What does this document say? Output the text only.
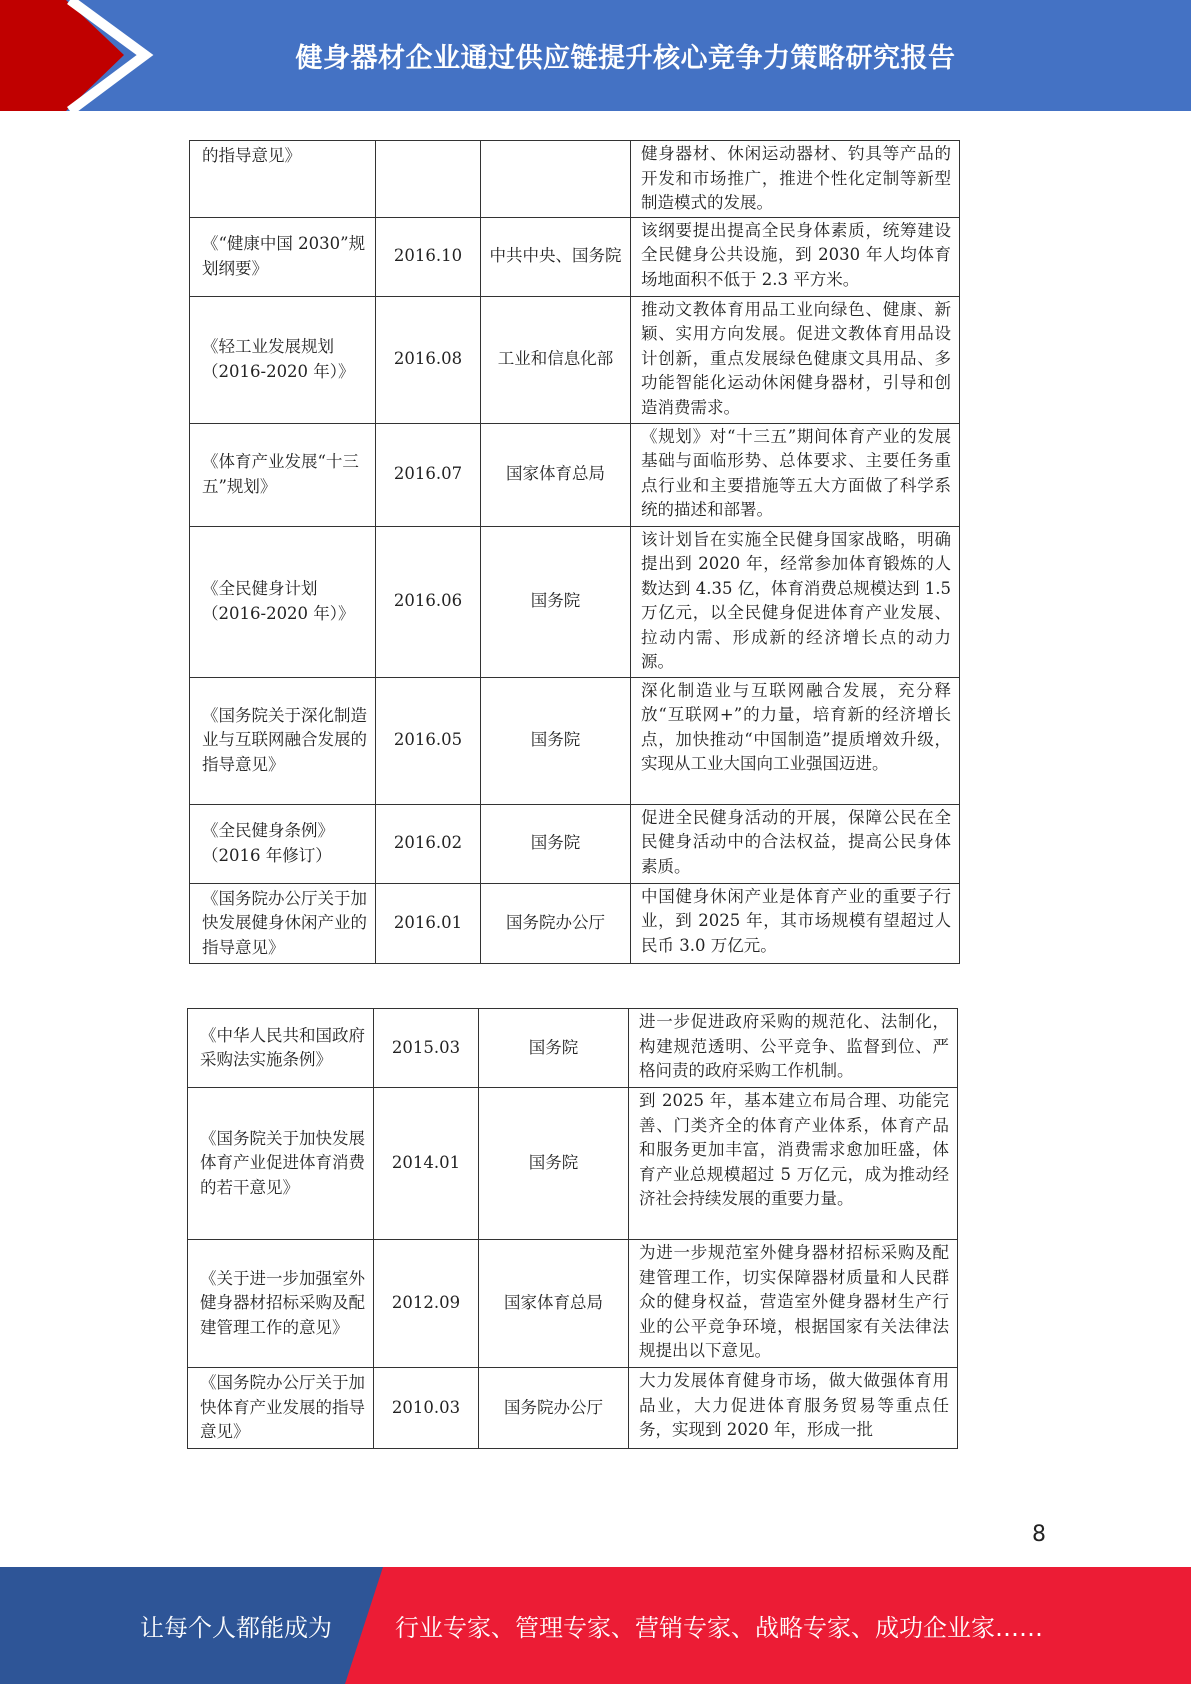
健身器材企业通过供应链提升核心竞争力策略研究报告
的指导意见》			健身器材、休闲运动器材、钓具等产品的开发和市场推广，推进个性化定制等新型制造模式的发展。
《“健康中国 2030”规划纲要》	2016.10	中共中央、国务院	该纲要提出提高全民身体素质，统筹建设全民健身公共设施，到 2030 年人均体育场地面积不低于 2.3 平方米。
《轻工业发展规划（2016-2020 年）》	2016.08	工业和信息化部	推动文教体育用品工业向绿色、健康、新颖、实用方向发展。促进文教体育用品设计创新，重点发展绿色健康文具用品、多功能智能化运动休闲健身器材，引导和创造消费需求。
《体育产业发展“十三五”规划》	2016.07	国家体育总局	《规划》对“十三五”期间体育产业的发展基础与面临形势、总体要求、主要任务重点行业和主要措施等五大方面做了科学系统的描述和部署。
《全民健身计划（2016-2020 年）》	2016.06	国务院	该计划旨在实施全民健身国家战略，明确提出到 2020 年，经常参加体育锻炼的人数达到 4.35 亿，体育消费总规模达到 1.5 万亿元，以全民健身促进体育产业发展、拉动内需、形成新的经济增长点的动力源。
《国务院关于深化制造业与互联网融合发展的指导意见》	2016.05	国务院	深化制造业与互联网融合发展，充分释放“互联网+”的力量，培育新的经济增长点，加快推动“中国制造”提质增效升级，实现从工业大国向工业强国迈进。
《全民健身条例》（2016 年修订）	2016.02	国务院	促进全民健身活动的开展，保障公民在全民健身活动中的合法权益，提高公民身体素质。
《国务院办公厅关于加快发展健身休闲产业的指导意见》	2016.01	国务院办公厅	中国健身休闲产业是体育产业的重要子行业，到 2025 年，其市场规模有望超过人民币 3.0 万亿元。
《中华人民共和国政府采购法实施条例》	2015.03	国务院	进一步促进政府采购的规范化、法制化，构建规范透明、公平竞争、监督到位、严格问责的政府采购工作机制。
《国务院关于加快发展体育产业促进体育消费的若干意见》	2014.01	国务院	到 2025 年，基本建立布局合理、功能完善、门类齐全的体育产业体系，体育产品和服务更加丰富，消费需求愈加旺盛，体育产业总规模超过 5 万亿元，成为推动经济社会持续发展的重要力量。
《关于进一步加强室外健身器材招标采购及配建管理工作的意见》	2012.09	国家体育总局	为进一步规范室外健身器材招标采购及配建管理工作，切实保障器材质量和人民群众的健身权益，营造室外健身器材生产行业的公平竞争环境，根据国家有关法律法规提出以下意见。
《国务院办公厅关于加快体育产业发展的指导意见》	2010.03	国务院办公厅	大力发展体育健身市场，做大做强体育用品业，大力促进体育服务贸易等重点任务，实现到 2020 年，形成一批
8
让每个人都能成为	行业专家、管理专家、营销专家、战略专家、成功企业家……
